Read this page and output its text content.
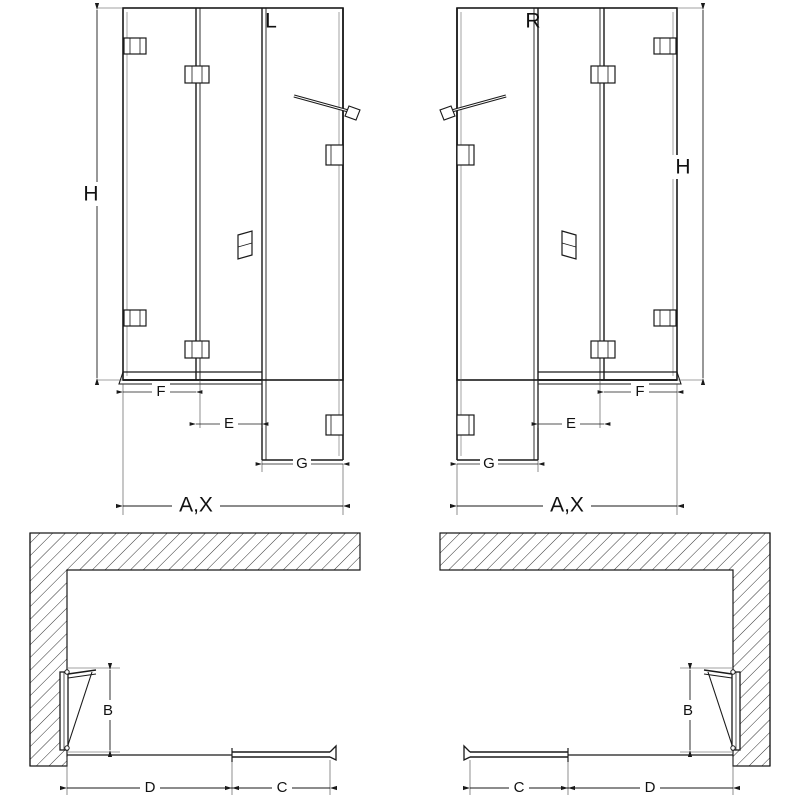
H
A,X
F
E
G
L
H
A,X
G
E
F
R
B
D	C
B
C	D
